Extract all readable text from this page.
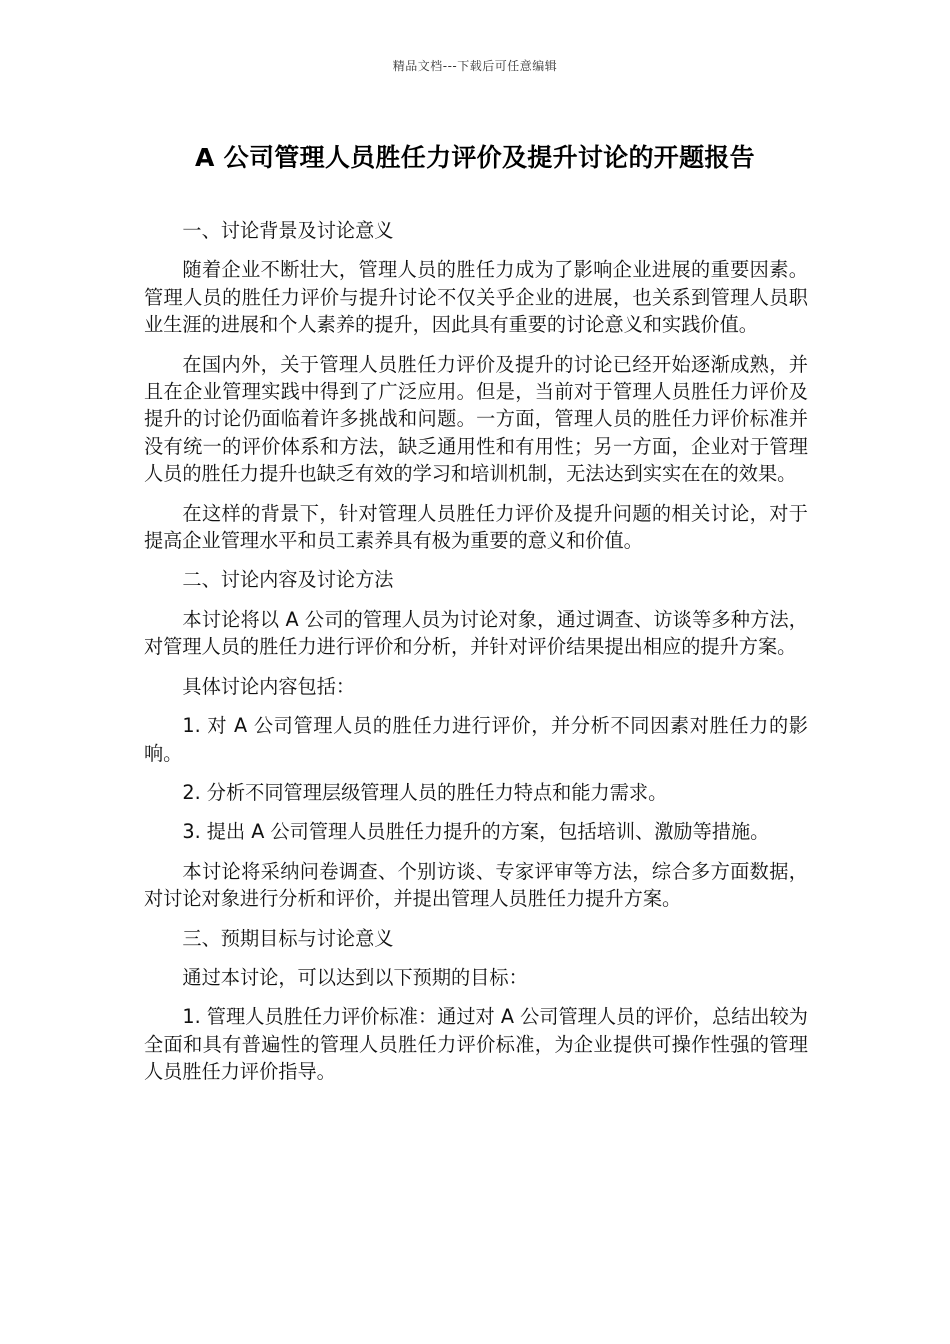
精品文档---下载后可任意编辑
A 公司管理人员胜任力评价及提升讨论的开题报告

一、讨论背景及讨论意义

随着企业不断壮大，管理人员的胜任力成为了影响企业进展的重要因素。管理人员的胜任力评价与提升讨论不仅关乎企业的进展，也关系到管理人员职业生涯的进展和个人素养的提升，因此具有重要的讨论意义和实践价值。

在国内外，关于管理人员胜任力评价及提升的讨论已经开始逐渐成熟，并且在企业管理实践中得到了广泛应用。但是，当前对于管理人员胜任力评价及提升的讨论仍面临着许多挑战和问题。一方面，管理人员的胜任力评价标准并没有统一的评价体系和方法，缺乏通用性和有用性；另一方面，企业对于管理人员的胜任力提升也缺乏有效的学习和培训机制，无法达到实实在在的效果。

在这样的背景下，针对管理人员胜任力评价及提升问题的相关讨论，对于提高企业管理水平和员工素养具有极为重要的意义和价值。

二、讨论内容及讨论方法

本讨论将以 A 公司的管理人员为讨论对象，通过调查、访谈等多种方法，对管理人员的胜任力进行评价和分析，并针对评价结果提出相应的提升方案。

具体讨论内容包括：

1. 对 A 公司管理人员的胜任力进行评价，并分析不同因素对胜任力的影响。

2. 分析不同管理层级管理人员的胜任力特点和能力需求。

3. 提出 A 公司管理人员胜任力提升的方案，包括培训、激励等措施。

本讨论将采纳问卷调查、个别访谈、专家评审等方法，综合多方面数据，对讨论对象进行分析和评价，并提出管理人员胜任力提升方案。

三、预期目标与讨论意义

通过本讨论，可以达到以下预期的目标：

1. 管理人员胜任力评价标准：通过对 A 公司管理人员的评价，总结出较为全面和具有普遍性的管理人员胜任力评价标准，为企业提供可操作性强的管理人员胜任力评价指导。
